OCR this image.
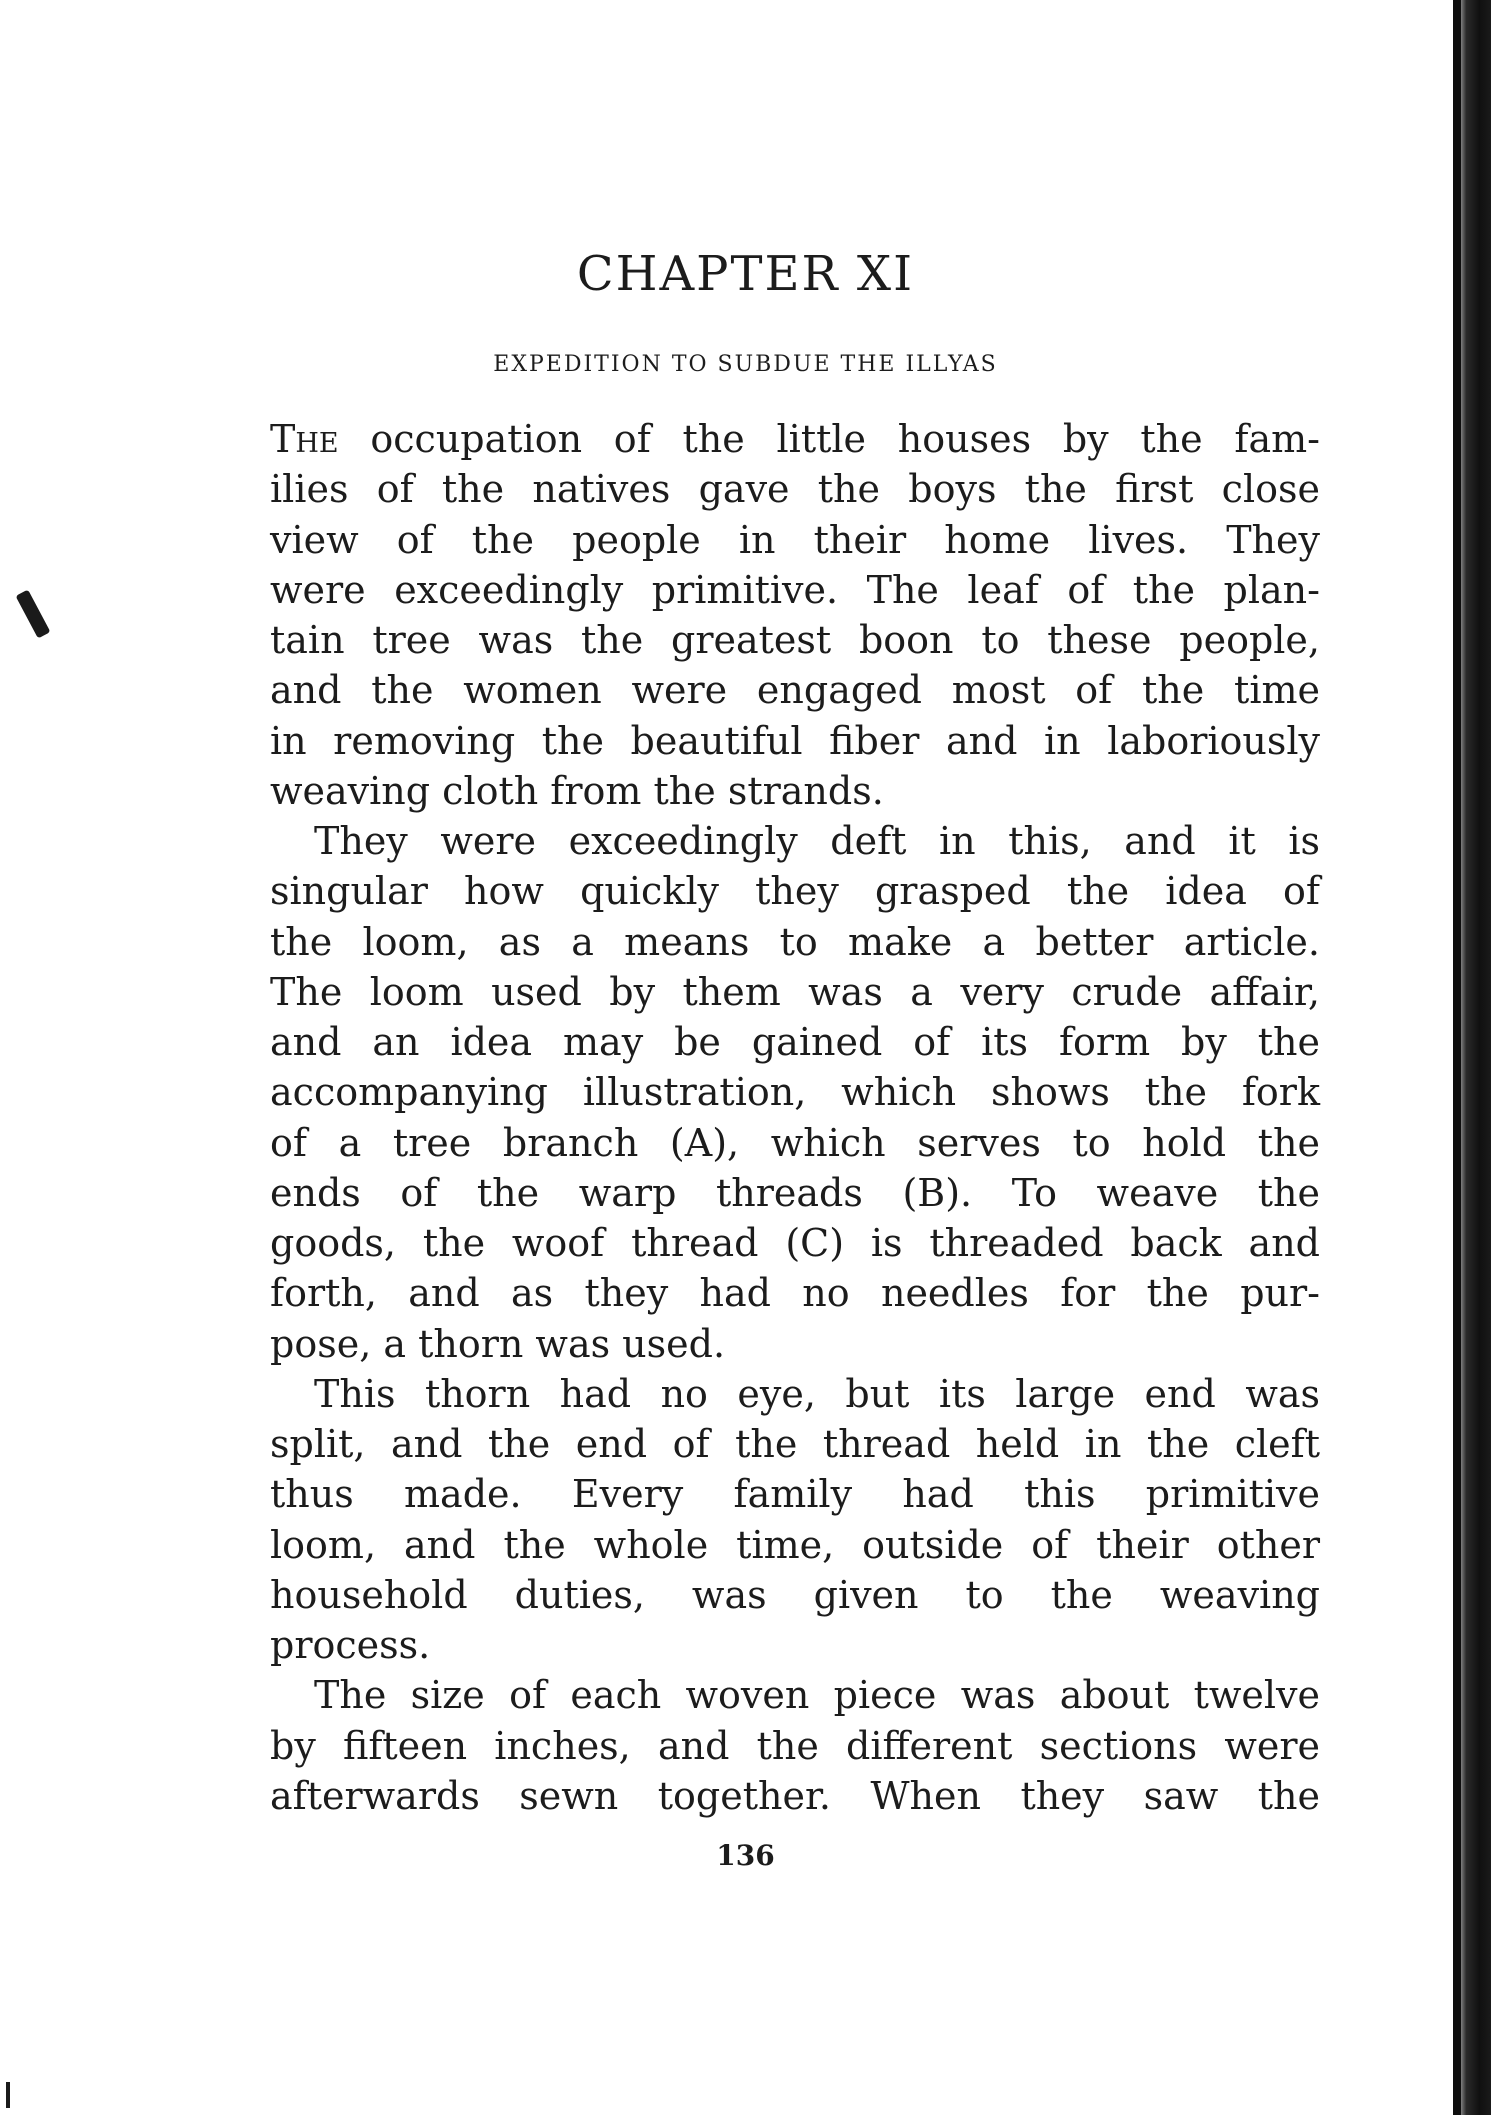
CHAPTER XI
EXPEDITION TO SUBDUE THE ILLYAS
The occupation of the little houses by the fam-
ilies of the natives gave the boys the first close
view of the people in their home lives. They
were exceedingly primitive. The leaf of the plan-
tain tree was the greatest boon to these people,
and the women were engaged most of the time
in removing the beautiful fiber and in laboriously
weaving cloth from the strands.
They were exceedingly deft in this, and it is
singular how quickly they grasped the idea of
the loom, as a means to make a better article.
The loom used by them was a very crude affair,
and an idea may be gained of its form by the
accompanying illustration, which shows the fork
of a tree branch (A), which serves to hold the
ends of the warp threads (B). To weave the
goods, the woof thread (C) is threaded back and
forth, and as they had no needles for the pur-
pose, a thorn was used.
This thorn had no eye, but its large end was
split, and the end of the thread held in the cleft
thus made. Every family had this primitive
loom, and the whole time, outside of their other
household duties, was given to the weaving
process.
The size of each woven piece was about twelve
by fifteen inches, and the different sections were
afterwards sewn together. When they saw the
136
